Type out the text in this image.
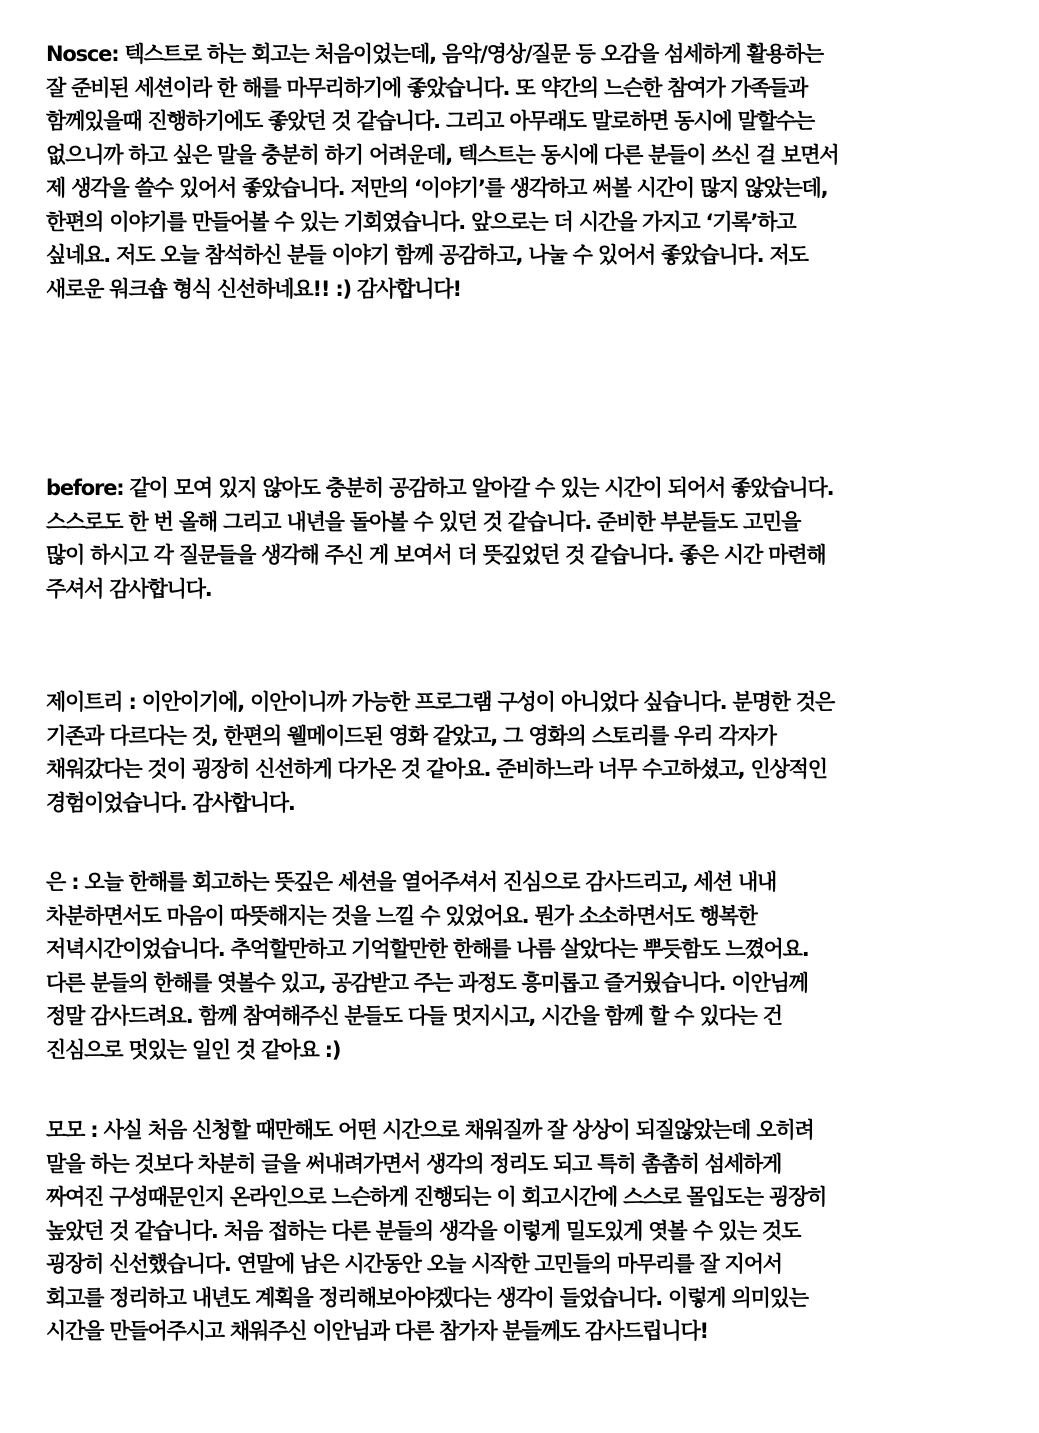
Nosce: 텍스트로 하는 회고는 처음이었는데, 음악/영상/질문 등 오감을 섬세하게 활용하는
잘 준비된 세션이라 한 해를 마무리하기에 좋았습니다. 또 약간의 느슨한 참여가 가족들과
함께있을때 진행하기에도 좋았던 것 같습니다. 그리고 아무래도 말로하면 동시에 말할수는
없으니까 하고 싶은 말을 충분히 하기 어려운데, 텍스트는 동시에 다른 분들이 쓰신 걸 보면서
제 생각을 쓸수 있어서 좋았습니다. 저만의 ‘이야기’를 생각하고 써볼 시간이 많지 않았는데,
한편의 이야기를 만들어볼 수 있는 기회였습니다. 앞으로는 더 시간을 가지고 ‘기록’하고
싶네요. 저도 오늘 참석하신 분들 이야기 함께 공감하고, 나눌 수 있어서 좋았습니다. 저도
새로운 워크숍 형식 신선하네요!! :) 감사합니다!

before: 같이 모여 있지 않아도 충분히 공감하고 알아갈 수 있는 시간이 되어서 좋았습니다.
스스로도 한 번 올해 그리고 내년을 돌아볼 수 있던 것 같습니다. 준비한 부분들도 고민을
많이 하시고 각 질문들을 생각해 주신 게 보여서 더 뜻깊었던 것 같습니다. 좋은 시간 마련해
주셔서 감사합니다.

제이트리 : 이안이기에, 이안이니까 가능한 프로그램 구성이 아니었다 싶습니다. 분명한 것은
기존과 다르다는 것, 한편의 웰메이드된 영화 같았고, 그 영화의 스토리를 우리 각자가
채워갔다는 것이 굉장히 신선하게 다가온 것 같아요. 준비하느라 너무 수고하셨고, 인상적인
경험이었습니다. 감사합니다.

은 : 오늘 한해를 회고하는 뜻깊은 세션을 열어주셔서 진심으로 감사드리고, 세션 내내
차분하면서도 마음이 따뜻해지는 것을 느낄 수 있었어요. 뭔가 소소하면서도 행복한
저녁시간이었습니다. 추억할만하고 기억할만한 한해를 나름 살았다는 뿌듯함도 느꼈어요.
다른 분들의 한해를 엿볼수 있고, 공감받고 주는 과정도 흥미롭고 즐거웠습니다. 이안님께
정말 감사드려요. 함께 참여해주신 분들도 다들 멋지시고, 시간을 함께 할 수 있다는 건
진심으로 멋있는 일인 것 같아요 :)

모모 : 사실 처음 신청할 때만해도 어떤 시간으로 채워질까 잘 상상이 되질않았는데 오히려
말을 하는 것보다 차분히 글을 써내려가면서 생각의 정리도 되고 특히 촘촘히 섬세하게
짜여진 구성때문인지 온라인으로 느슨하게 진행되는 이 회고시간에 스스로 몰입도는 굉장히
높았던 것 같습니다. 처음 접하는 다른 분들의 생각을 이렇게 밀도있게 엿볼 수 있는 것도
굉장히 신선했습니다. 연말에 남은 시간동안 오늘 시작한 고민들의 마무리를 잘 지어서
회고를 정리하고 내년도 계획을 정리해보아야겠다는 생각이 들었습니다. 이렇게 의미있는
시간을 만들어주시고 채워주신 이안님과 다른 참가자 분들께도 감사드립니다!
